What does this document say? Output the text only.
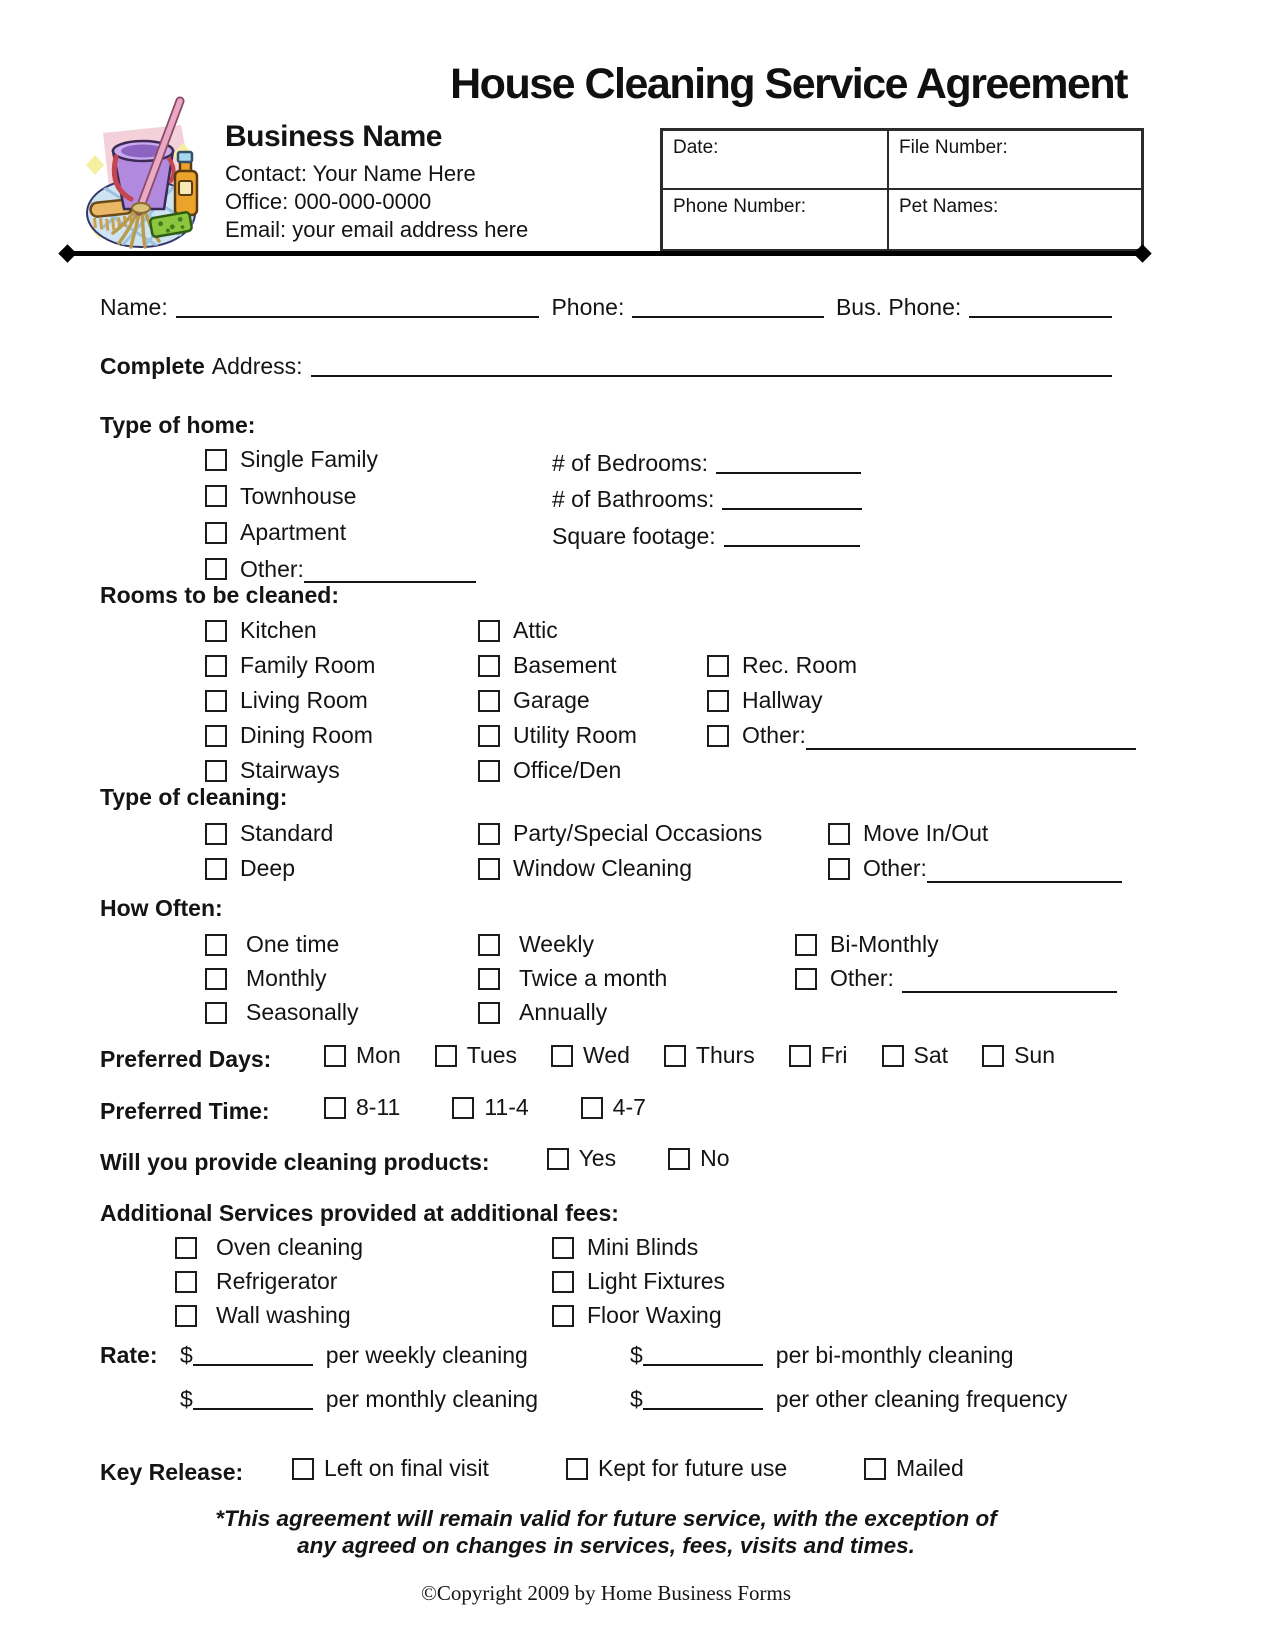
House Cleaning Service Agreement
Business Name
Contact: Your Name Here
Office: 000-000-0000
Email: your email address here
Date:	File Number:
Phone Number:	Pet Names:
Name:	Phone:	Bus. Phone:
Complete Address:
Type of home:
Single Family	# of Bedrooms:
Townhouse	# of Bathrooms:
Apartment	Square footage:
Other:
Rooms to be cleaned:
Kitchen	Attic
Family Room	Basement	Rec. Room
Living Room	Garage	Hallway
Dining Room	Utility Room	Other:
Stairways	Office/Den
Type of cleaning:
Standard	Party/Special Occasions	Move In/Out
Deep	Window Cleaning	Other:
How Often:
One time	Weekly	Bi-Monthly
Monthly	Twice a month	Other:
Seasonally	Annually
Preferred Days:	Mon	Tues	Wed	Thurs	Fri	Sat	Sun
Preferred Time:	8-11	11-4	4-7
Will you provide cleaning products:	Yes	No
Additional Services provided at additional fees:
Oven cleaning	Mini Blinds
Refrigerator	Light Fixtures
Wall washing	Floor Waxing
Rate: $	per weekly cleaning	$	per bi-monthly cleaning
$	per monthly cleaning	$	per other cleaning frequency
Key Release:	Left on final visit	Kept for future use	Mailed
*This agreement will remain valid for future service, with the exception of
any agreed on changes in services, fees, visits and times.
©Copyright 2009 by Home Business Forms
